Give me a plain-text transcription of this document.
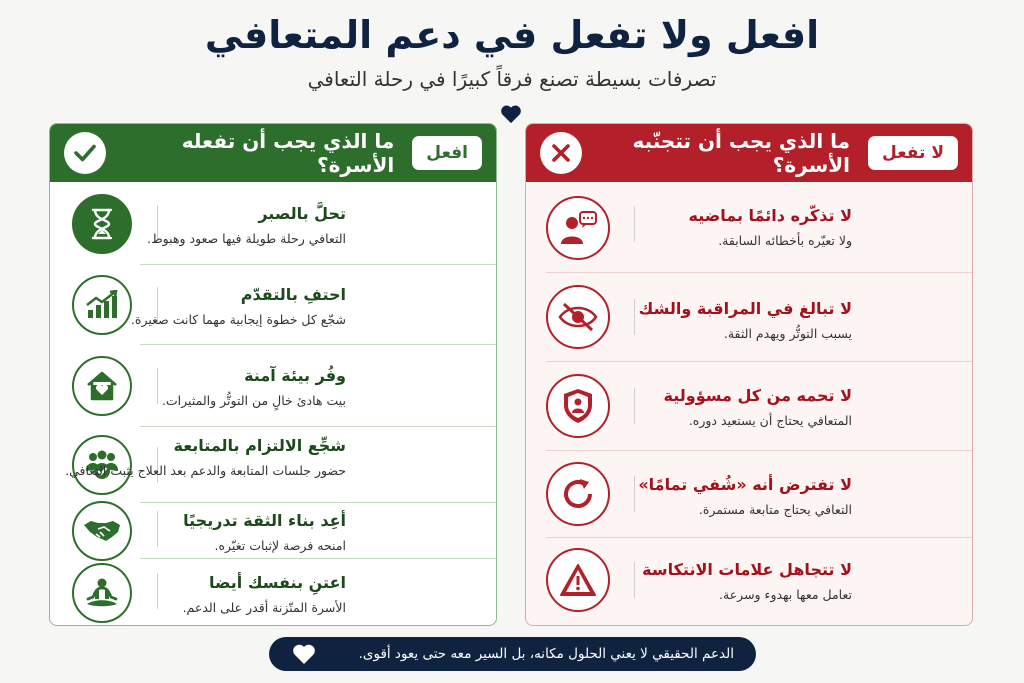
افعل ولا تفعل في دعم المتعافي
تصرفات بسيطة تصنع فرقاً كبيرًا في رحلة التعافي
افعل
ما الذي يجب أن تفعله الأسرة؟
تحلَّ بالصبر
التعافي رحلة طويلة فيها صعود وهبوط.
احتفِ بالتقدّم
شجّع كل خطوة إيجابية مهما كانت صغيرة.
وفُر بيئة آمنة
بيت هادئ خالٍ من التوتُّر والمثيرات.
شجِّع الالتزام بالمتابعة
حضور جلسات المتابعة والدعم بعد العلاج يثبت التعافي.
أعِد بناء الثقة تدريجيًا
امنحه فرصة لإثبات تغيّره.
اعتنِ بنفسك أيضا
الأسرة المتّزنة أقدر على الدعم.
لا تفعل
ما الذي يجب أن تتجنّبه الأسرة؟
لا تذكّره دائمًا بماضيه
ولا تعيّره بأخطائه السابقة.
لا تبالغ في المراقبة والشك
يسبب التوتُّر ويهدم الثقة.
لا تحمه من كل مسؤولية
المتعافي يحتاج أن يستعيد دوره.
لا تفترض أنه «شُفي تمامًا»
التعافي يحتاج متابعة مستمرة.
لا تتجاهل علامات الانتكاسة
تعامل معها بهدوء وسرعة.
الدعم الحقيقي لا يعني الحلول مكانه، بل السير معه حتى يعود أقوى.
